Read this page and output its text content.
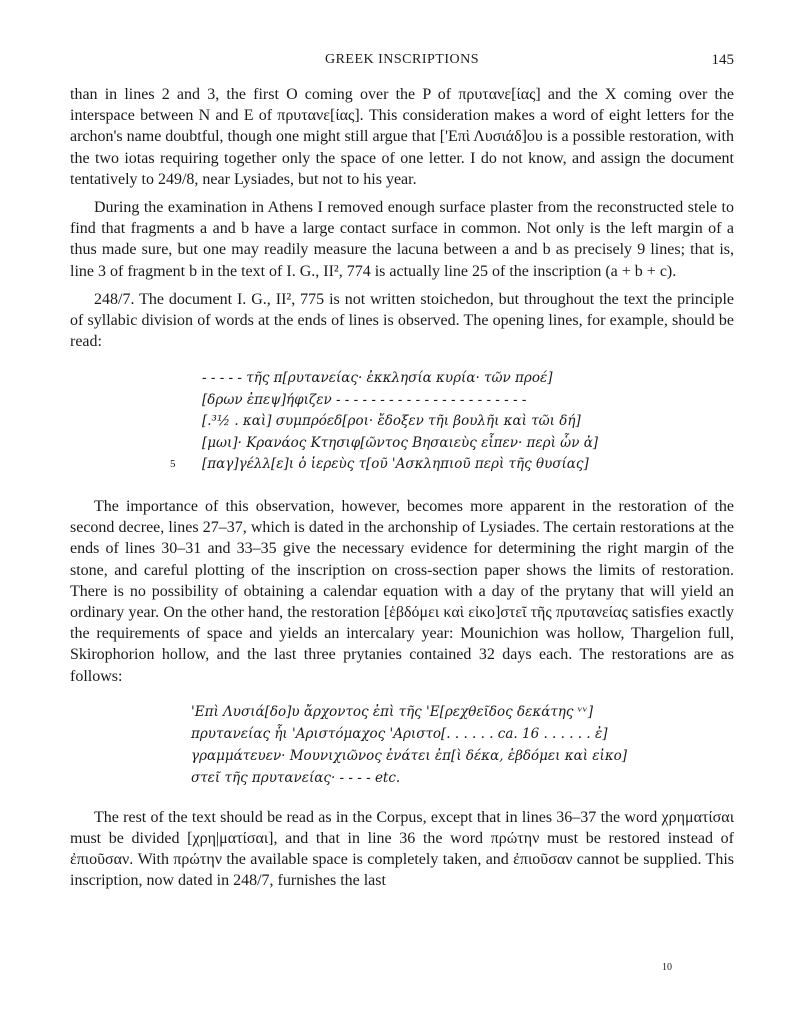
GREEK INSCRIPTIONS	145

than in lines 2 and 3, the first O coming over the P of πρυτανε[ίας] and the X coming over the interspace between N and E of πρυτανε[ίας]. This consideration makes a word of eight letters for the archon's name doubtful, though one might still argue that ['Επὶ Λυσιάδ]ου is a possible restoration, with the two iotas requiring together only the space of one letter. I do not know, and assign the document tentatively to 249/8, near Lysiades, but not to his year.

During the examination in Athens I removed enough surface plaster from the reconstructed stele to find that fragments a and b have a large contact surface in common. Not only is the left margin of a thus made sure, but one may readily measure the lacuna between a and b as precisely 9 lines; that is, line 3 of fragment b in the text of I. G., II², 774 is actually line 25 of the inscription (a + b + c).

248/7. The document I. G., II², 775 is not written stoichedon, but throughout the text the principle of syllabic division of words at the ends of lines is observed. The opening lines, for example, should be read:

- - - - - τῆς π[ρυτανείας· ἐκκλησία κυρία· τῶν προέ]
[δρων ἐπεψ]ήφιζεν - - - - - - - - - - - - - - - - - - - - - -
[.³½ . καὶ] συμπρόεδ[ροι· ἔδοξεν τῆι βουλῆι καὶ τῶι δή]
[μωι]· Κρανάος Κτησιφ[ῶντος Βησαιεὺς εἶπεν· περὶ ὧν ἀ]
5 [παγ]γέλλ[ε]ι ὁ ἱερεὺς τ[οῦ 'Ασκληπιοῦ περὶ τῆς θυσίας]

The importance of this observation, however, becomes more apparent in the restoration of the second decree, lines 27–37, which is dated in the archonship of Lysiades. The certain restorations at the ends of lines 30–31 and 33–35 give the necessary evidence for determining the right margin of the stone, and careful plotting of the inscription on cross-section paper shows the limits of restoration. There is no possibility of obtaining a calendar equation with a day of the prytany that will yield an ordinary year. On the other hand, the restoration [ἑβδόμει καὶ εἰκο]στεῖ τῆς πρυτανείας satisfies exactly the requirements of space and yields an intercalary year: Mounichion was hollow, Thargelion full, Skirophorion hollow, and the last three prytanies contained 32 days each. The restorations are as follows:

'Επὶ Λυσιά[δο]υ ἄρχοντος ἐπὶ τῆς 'Ε[ρεχθεῖδος δεκάτης ᵛᵛ]
πρυτανείας ἧι 'Αριστόμαχος 'Αριστο[. . . . . . ca. 16 . . . . . . ἐ]
γραμμάτευεν· Μουνιχιῶνος ἐνάτει ἐπ[ὶ δέκα, ἑβδόμει καὶ εἰκο]
στεῖ τῆς πρυτανείας· - - - - etc.

The rest of the text should be read as in the Corpus, except that in lines 36–37 the word χρηματίσαι must be divided [χρη|ματίσαι], and that in line 36 the word πρώτην must be restored instead of ἐπιοῦσαν. With πρώτην the available space is completely taken, and ἐπιοῦσαν cannot be supplied. This inscription, now dated in 248/7, furnishes the last

10
